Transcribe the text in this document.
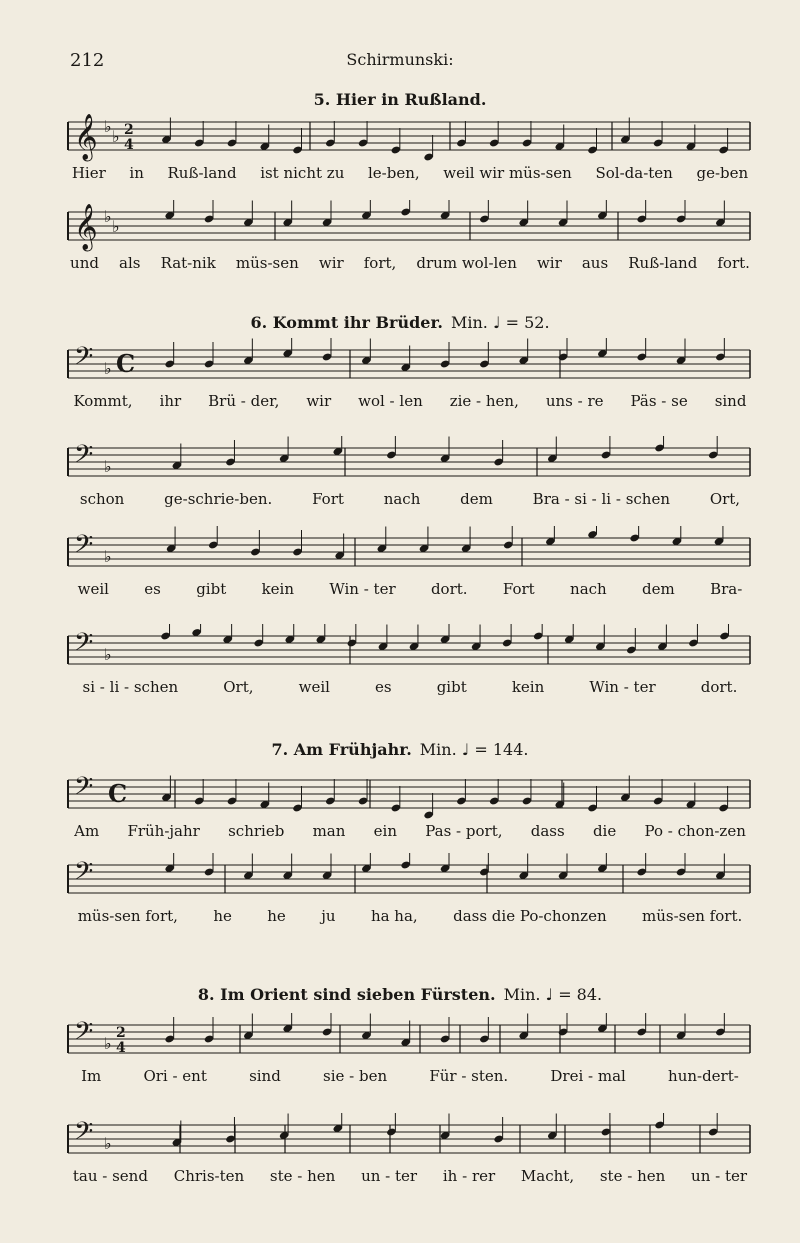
212	Schirmunski:
5. Hier in Rußland.
𝄞 ♭
♭ 2
4
Hier in Ruß-land ist nicht zu le-ben, weil wir müs-sen Sol-da-ten ge-ben
𝄞 ♭
♭
und als Rat-nik müs-sen wir fort, drum wol-len wir aus Ruß-land fort.
6. Kommt ihr Brüder. Min. ♩ = 52.
𝄢 ♭ C
Kommt, ihr Brü - der, wir wol - len zie - hen, uns - re Päs - se sind
𝄢 ♭
schon	ge-schrie-ben.	Fort	nach	dem	Bra - si - li - schen	Ort,
𝄢 ♭
weil es gibt kein Win - ter dort. Fort nach dem Bra-
𝄢 ♭
si - li - schen	Ort,	weil	es	gibt	kein	Win - ter	dort.
7. Am Frühjahr. Min. ♩ = 144.
𝄢 C
Am Früh-jahr schrieb man ein Pas - port, dass die Po - chon-zen
𝄢
müs-sen fort, he he ju ha ha, dass die Po-chonzen müs-sen fort.
8. Im Orient sind sieben Fürsten. Min. ♩ = 84.
𝄢 ♭
2
4
Im	Ori - ent	sind	sie - ben	Für - sten.	Drei - mal	hun-dert-
𝄢 ♭
tau - send Chris-ten ste - hen un - ter ih - rer Macht, ste - hen un - ter
